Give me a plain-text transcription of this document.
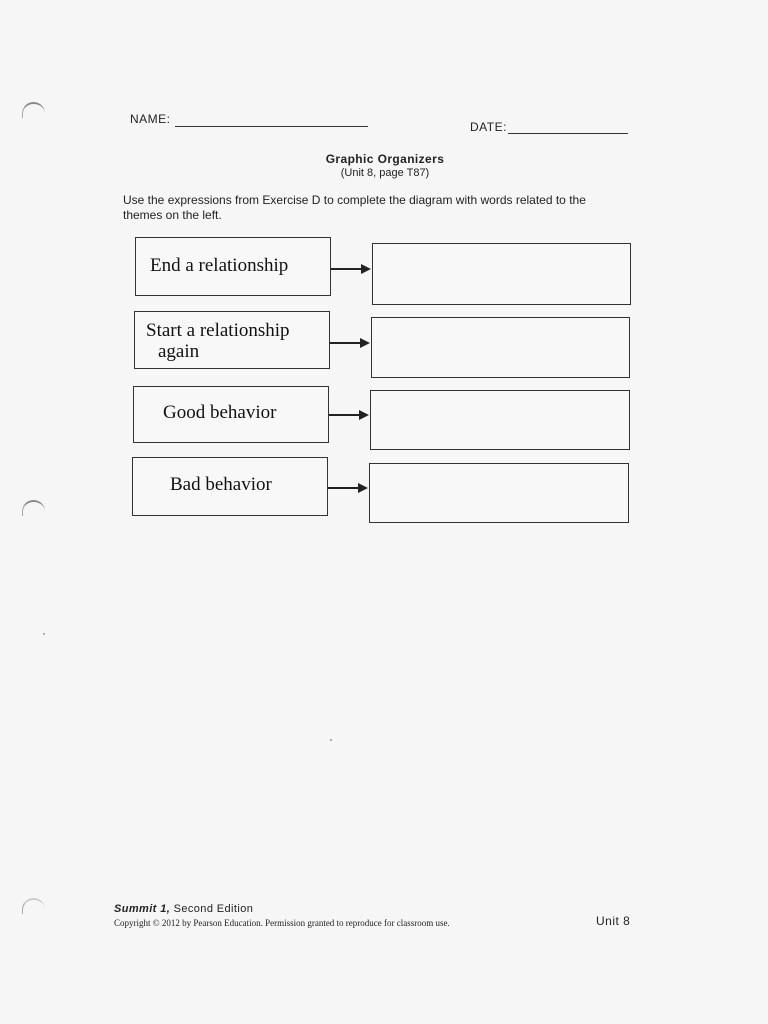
NAME:
DATE:
Graphic Organizers
(Unit 8, page T87)
Use the expressions from Exercise D to complete the diagram with words related to the themes on the left.
End a relationship
Start a relationship
again
Good behavior
Bad behavior
Summit 1, Second Edition
Copyright © 2012 by Pearson Education. Permission granted to reproduce for classroom use.	Unit 8
